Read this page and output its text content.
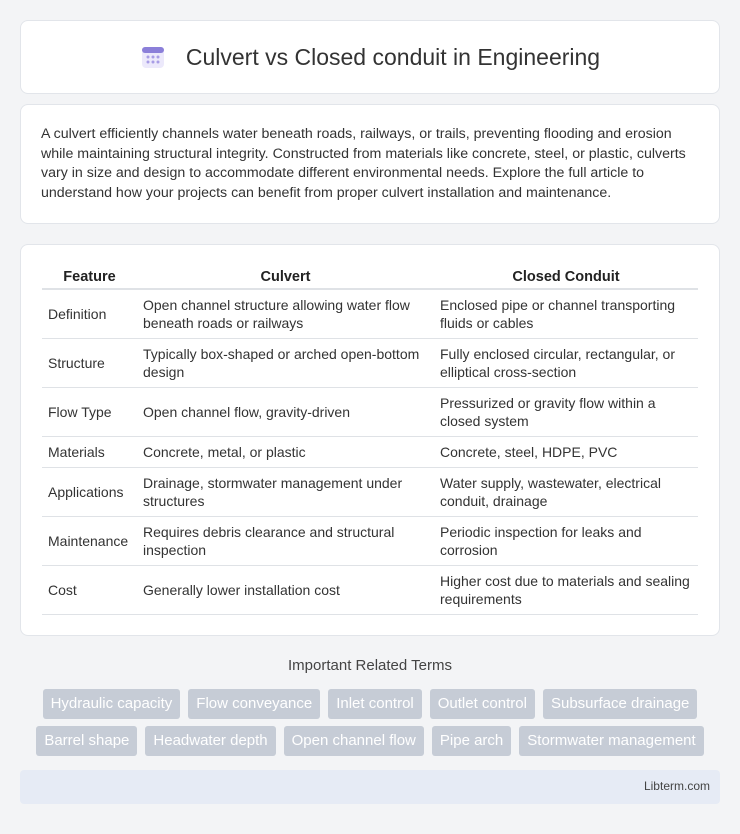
Culvert vs Closed conduit in Engineering

A culvert efficiently channels water beneath roads, railways, or trails, preventing flooding and erosion while maintaining structural integrity. Constructed from materials like concrete, steel, or plastic, culverts vary in size and design to accommodate different environmental needs. Explore the full article to understand how your projects can benefit from proper culvert installation and maintenance.

Feature	Culvert	Closed Conduit
Definition	Open channel structure allowing water flow beneath roads or railways	Enclosed pipe or channel transporting fluids or cables
Structure	Typically box-shaped or arched open-bottom design	Fully enclosed circular, rectangular, or elliptical cross-section
Flow Type	Open channel flow, gravity-driven	Pressurized or gravity flow within a closed system
Materials	Concrete, metal, or plastic	Concrete, steel, HDPE, PVC
Applications	Drainage, stormwater management under structures	Water supply, wastewater, electrical conduit, drainage
Maintenance	Requires debris clearance and structural inspection	Periodic inspection for leaks and corrosion
Cost	Generally lower installation cost	Higher cost due to materials and sealing requirements
Important Related Terms
Hydraulic capacity	Flow conveyance	Inlet control	Outlet control	Subsurface drainage
Barrel shape	Headwater depth	Open channel flow	Pipe arch	Stormwater management
Libterm.com
